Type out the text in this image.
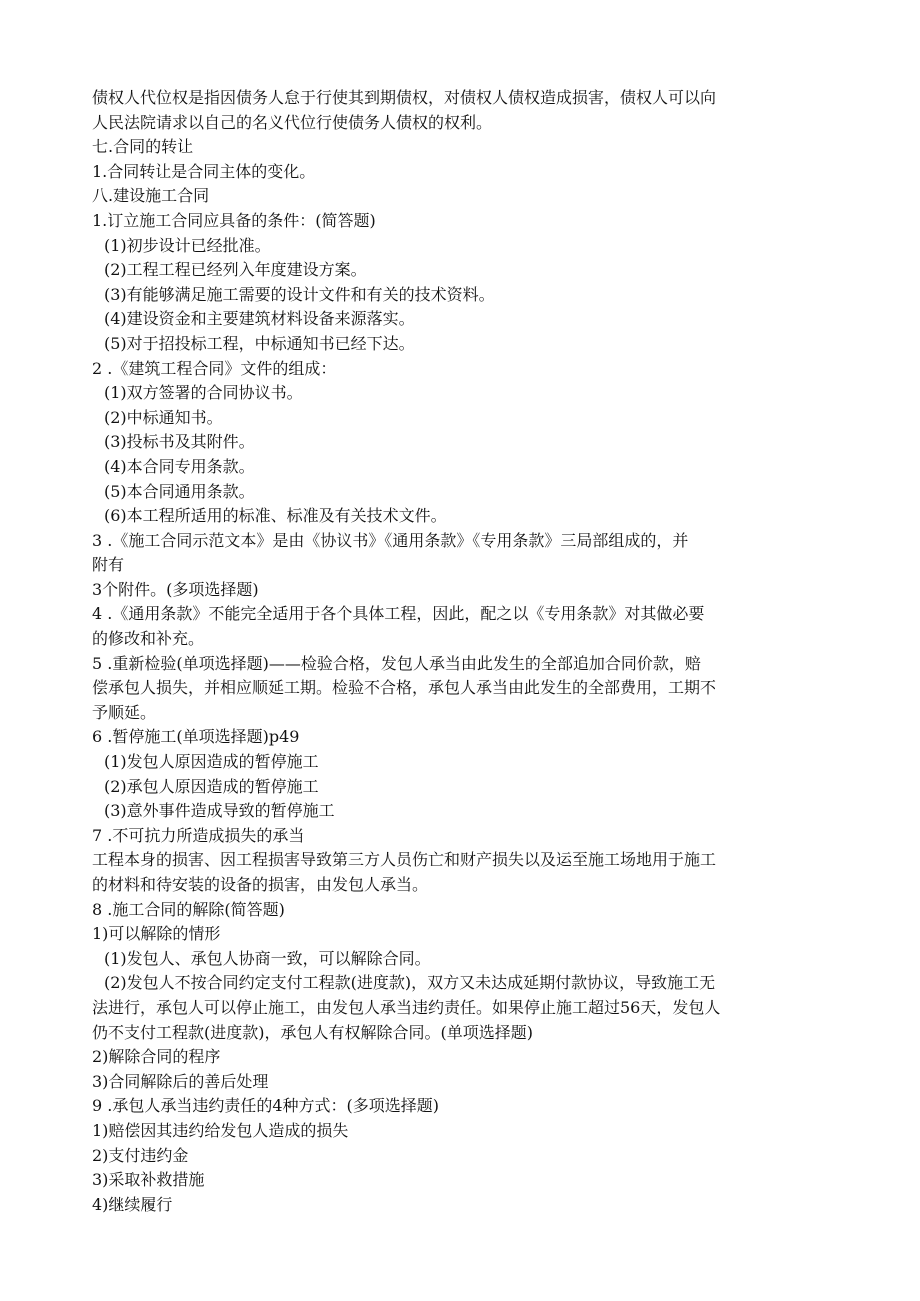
债权人代位权是指因债务人怠于行使其到期债权，对债权人债权造成损害，债权人可以向

人民法院请求以自己的名义代位行使债务人债权的权利。

七.合同的转让

1.合同转让是合同主体的变化。

八.建设施工合同

1.订立施工合同应具备的条件：(简答题)

(1)初步设计已经批准。

(2)工程工程已经列入年度建设方案。

(3)有能够满足施工需要的设计文件和有关的技术资料。

(4)建设资金和主要建筑材料设备来源落实。

(5)对于招投标工程，中标通知书已经下达。

2 .《建筑工程合同》文件的组成：

(1)双方签署的合同协议书。

(2)中标通知书。

(3)投标书及其附件。

(4)本合同专用条款。

(5)本合同通用条款。

(6)本工程所适用的标准、标准及有关技术文件。

3 .《施工合同示范文本》是由《协议书》《通用条款》《专用条款》三局部组成的，并

附有

3个附件。(多项选择题)

4 .《通用条款》不能完全适用于各个具体工程，因此，配之以《专用条款》对其做必要

的修改和补充。

5 .重新检验(单项选择题)——检验合格，发包人承当由此发生的全部追加合同价款，赔

偿承包人损失，并相应顺延工期。检验不合格，承包人承当由此发生的全部费用，工期不

予顺延。

6 .暂停施工(单项选择题)p49

(1)发包人原因造成的暂停施工

(2)承包人原因造成的暂停施工

(3)意外事件造成导致的暂停施工

7 .不可抗力所造成损失的承当

工程本身的损害、因工程损害导致第三方人员伤亡和财产损失以及运至施工场地用于施工

的材料和待安装的设备的损害，由发包人承当。

8 .施工合同的解除(简答题)

1)可以解除的情形

(1)发包人、承包人协商一致，可以解除合同。

(2)发包人不按合同约定支付工程款(进度款)，双方又未达成延期付款协议，导致施工无

法进行，承包人可以停止施工，由发包人承当违约责任。如果停止施工超过56天，发包人

仍不支付工程款(进度款)，承包人有权解除合同。(单项选择题)

2)解除合同的程序

3)合同解除后的善后处理

9 .承包人承当违约责任的4种方式：(多项选择题)

1)赔偿因其违约给发包人造成的损失

2)支付违约金

3)采取补救措施

4)继续履行
